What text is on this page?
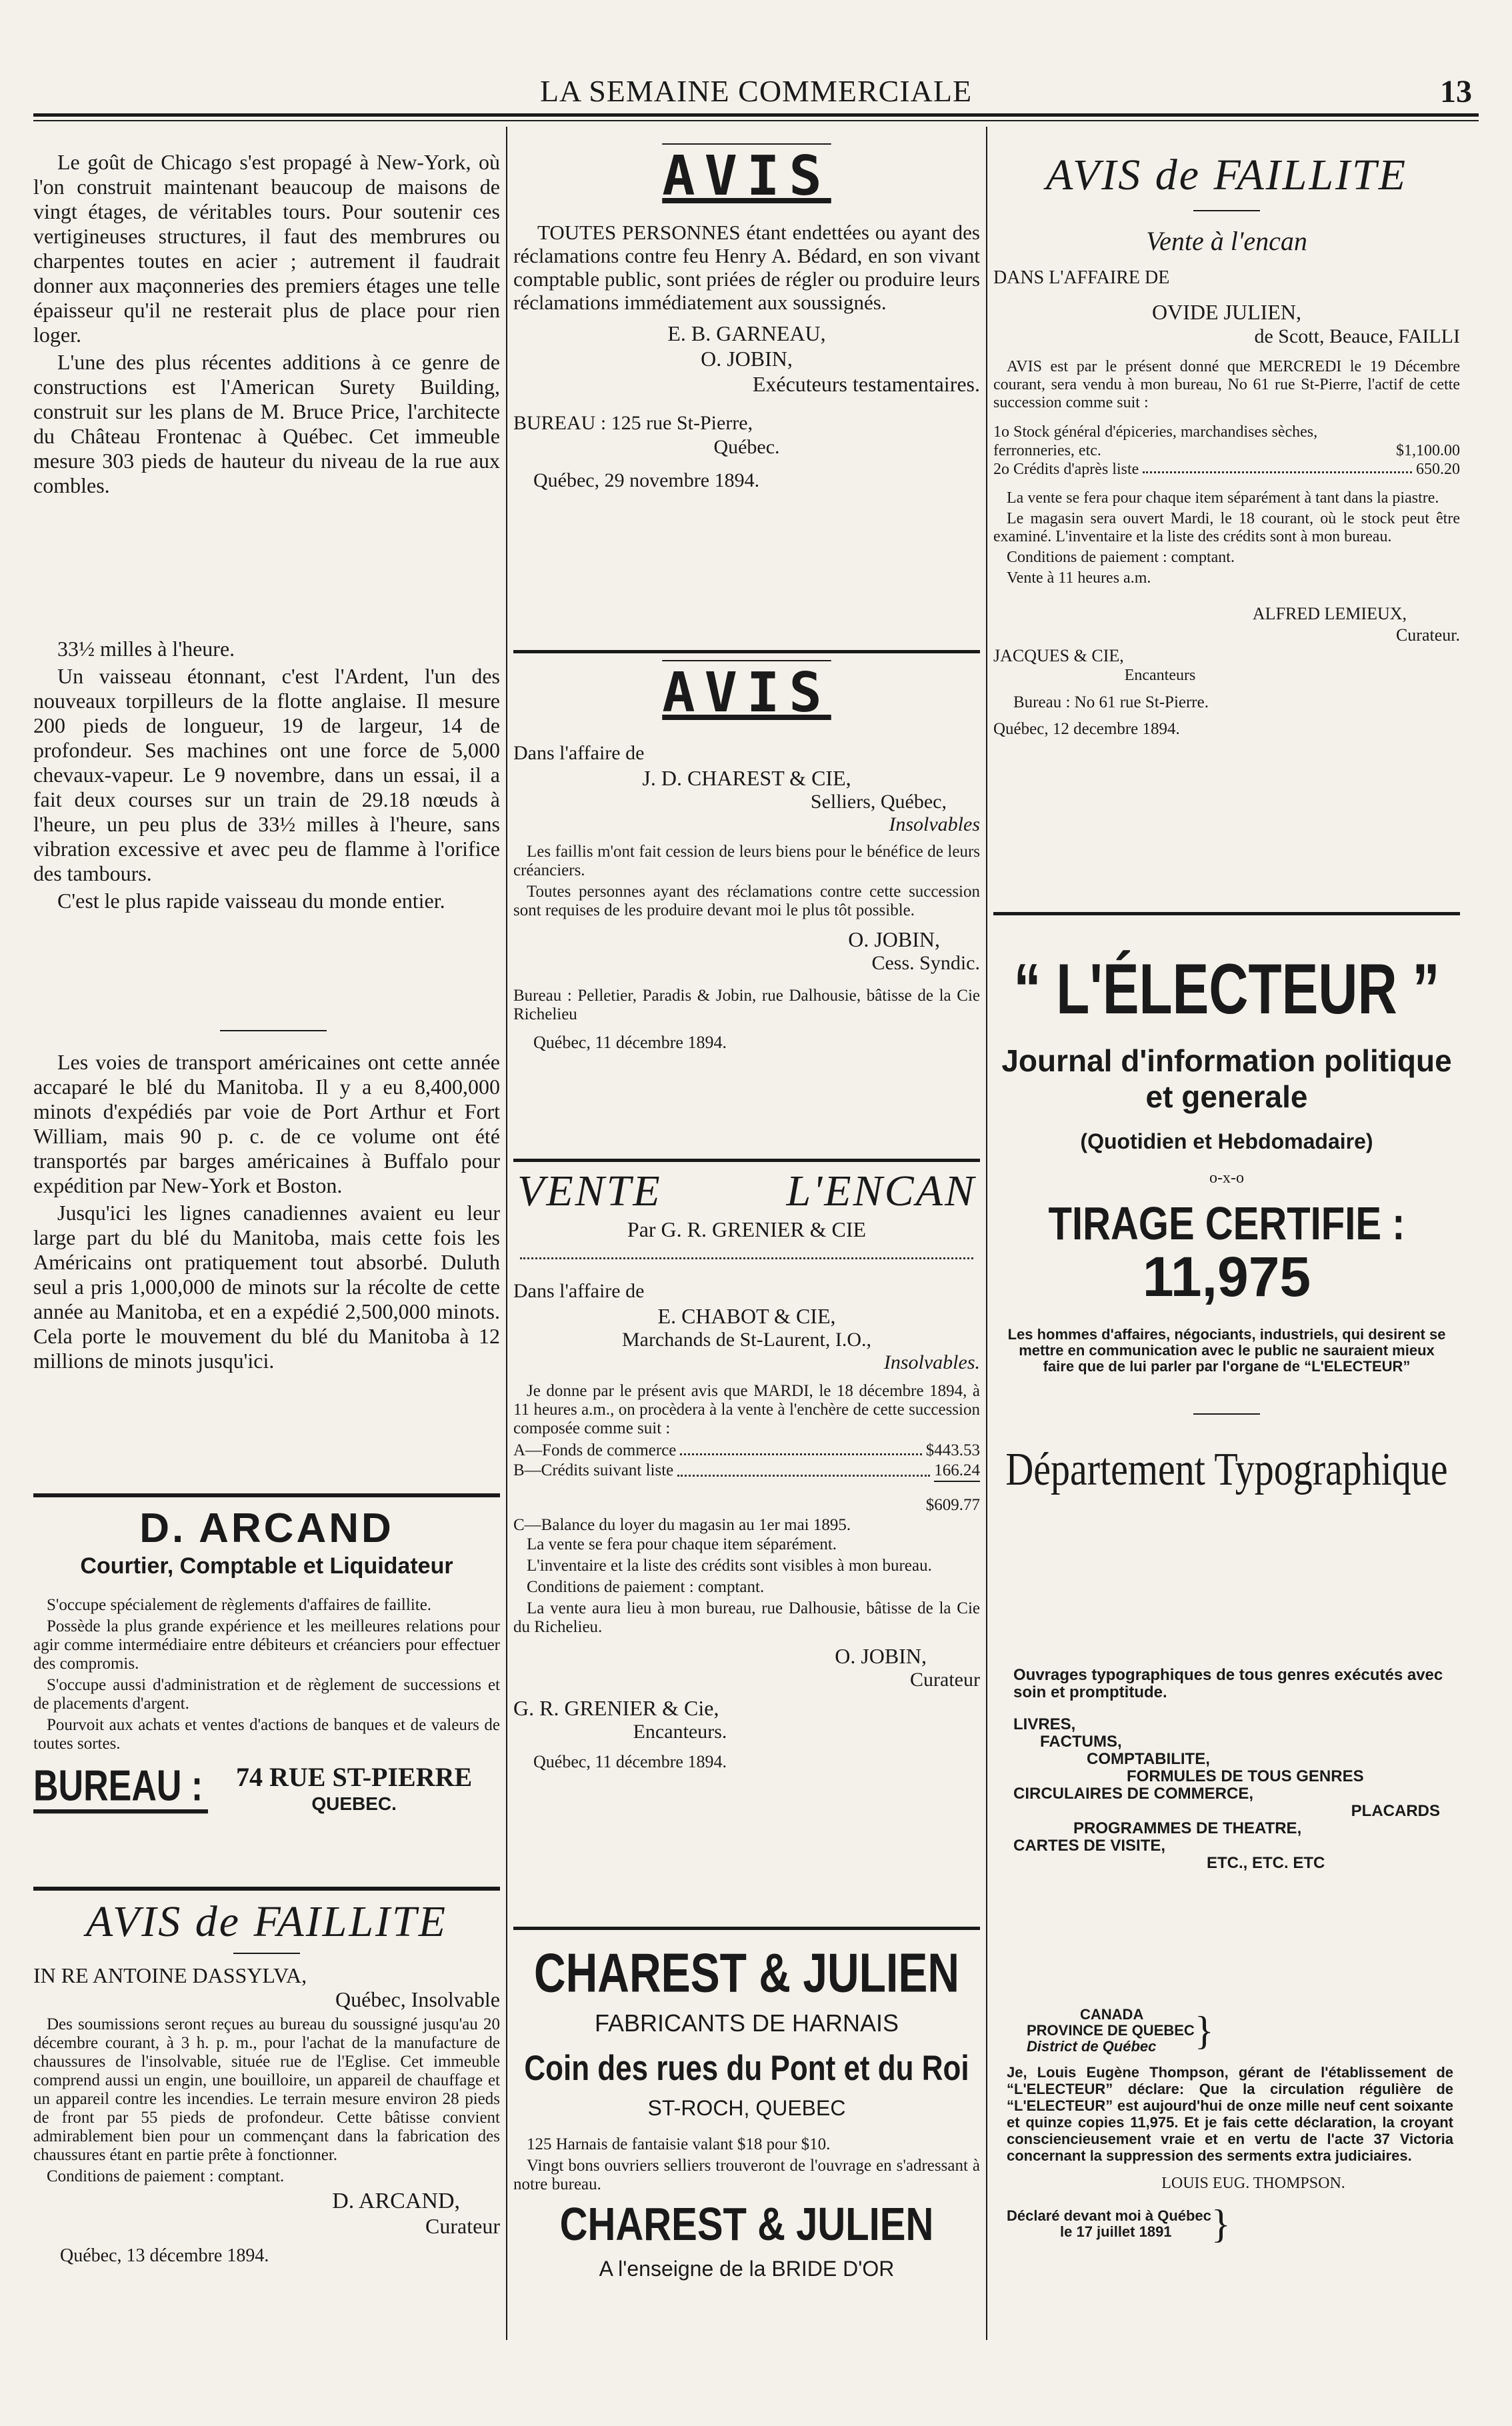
LA SEMAINE COMMERCIALE	13

Le goût de Chicago s'est propagé à New-York, où l'on construit maintenant beaucoup de maisons de vingt étages, de véritables tours. Pour soutenir ces vertigineuses structures, il faut des membrures ou charpentes toutes en acier ; autrement il faudrait donner aux maçonneries des premiers étages une telle épaisseur qu'il ne resterait plus de place pour rien loger.

L'une des plus récentes additions à ce genre de constructions est l'American Surety Building, construit sur les plans de M. Bruce Price, l'architecte du Château Frontenac à Québec. Cet immeuble mesure 303 pieds de hauteur du niveau de la rue aux combles.

33½ milles à l'heure.

Un vaisseau étonnant, c'est l'Ardent, l'un des nouveaux torpilleurs de la flotte anglaise. Il mesure 200 pieds de longueur, 19 de largeur, 14 de profondeur. Ses machines ont une force de 5,000 chevaux-vapeur. Le 9 novembre, dans un essai, il a fait deux courses sur un train de 29.18 nœuds à l'heure, un peu plus de 33½ milles à l'heure, sans vibration excessive et avec peu de flamme à l'orifice des tambours.

C'est le plus rapide vaisseau du monde entier.

Les voies de transport américaines ont cette année accaparé le blé du Manitoba. Il y a eu 8,400,000 minots d'expédiés par voie de Port Arthur et Fort William, mais 90 p. c. de ce volume ont été transportés par barges américaines à Buffalo pour expédition par New-York et Boston.

Jusqu'ici les lignes canadiennes avaient eu leur large part du blé du Manitoba, mais cette fois les Américains ont pratiquement tout absorbé. Duluth seul a pris 1,000,000 de minots sur la récolte de cette année au Manitoba, et en a expédié 2,500,000 minots. Cela porte le mouvement du blé du Manitoba à 12 millions de minots jusqu'ici.

D. ARCAND
Courtier, Comptable et Liquidateur

S'occupe spécialement de règlements d'affaires de faillite.

Possède la plus grande expérience et les meilleures relations pour agir comme intermédiaire entre débiteurs et créanciers pour effectuer des compromis.

S'occupe aussi d'administration et de règlement de successions et de placements d'argent.

Pourvoit aux achats et ventes d'actions de banques et de valeurs de toutes sortes.

BUREAU :	74 RUE ST-PIERRE
QUEBEC.
AVIS de FAILLITE
IN RE ANTOINE DASSYLVA,
Québec, Insolvable

Des soumissions seront reçues au bureau du soussigné jusqu'au 20 décembre courant, à 3 h. p. m., pour l'achat de la manufacture de chaussures de l'insolvable, située rue de l'Eglise. Cet immeuble comprend aussi un engin, une bouilloire, un appareil de chauffage et un appareil contre les incendies. Le terrain mesure environ 28 pieds de front par 55 pieds de profondeur. Cette bâtisse convient admirablement bien pour un commençant dans la fabrication des chaussures étant en partie prête à fonctionner.

Conditions de paiement : comptant.

D. ARCAND,
Curateur
Québec, 13 décembre 1894.
AVIS

TOUTES PERSONNES étant endettées ou ayant des réclamations contre feu Henry A. Bédard, en son vivant comptable public, sont priées de régler ou produire leurs réclamations immédiatement aux soussignés.

E. B. GARNEAU,
O. JOBIN,
Exécuteurs testamentaires.
BUREAU : 125 rue St-Pierre,
Québec.
Québec, 29 novembre 1894.
AVIS
Dans l'affaire de
J. D. CHAREST & CIE,
Selliers, Québec,
Insolvables

Les faillis m'ont fait cession de leurs biens pour le bénéfice de leurs créanciers.

Toutes personnes ayant des réclamations contre cette succession sont requises de les produire devant moi le plus tôt possible.

O. JOBIN,
Cess. Syndic.
Bureau : Pelletier, Paradis & Jobin, rue Dalhousie, bâtisse de la Cie Richelieu
Québec, 11 décembre 1894.
VENTE	L'ENCAN
Par G. R. GRENIER & CIE
Dans l'affaire de
E. CHABOT & CIE,
Marchands de St-Laurent, I.O.,
Insolvables.

Je donne par le présent avis que MARDI, le 18 décembre 1894, à 11 heures a.m., on procèdera à la vente à l'enchère de cette succession composée comme suit :

A—Fonds de commerce	$443.53
B—Crédits suivant liste	166.24
$609.77
C—Balance du loyer du magasin au 1er mai 1895.

La vente se fera pour chaque item séparément.

L'inventaire et la liste des crédits sont visibles à mon bureau.

Conditions de paiement : comptant.

La vente aura lieu à mon bureau, rue Dalhousie, bâtisse de la Cie du Richelieu.

O. JOBIN,
Curateur
G. R. GRENIER & Cie,
Encanteurs.
Québec, 11 décembre 1894.
CHAREST & JULIEN
FABRICANTS DE HARNAIS
Coin des rues du Pont et du Roi
ST-ROCH, QUEBEC

125 Harnais de fantaisie valant $18 pour $10.

Vingt bons ouvriers selliers trouveront de l'ouvrage en s'adressant à notre bureau.

CHAREST & JULIEN
A l'enseigne de la BRIDE D'OR
AVIS de FAILLITE
Vente à l'encan
DANS L'AFFAIRE DE
OVIDE JULIEN,
de Scott, Beauce, FAILLI

AVIS est par le présent donné que MERCREDI le 19 Décembre courant, sera vendu à mon bureau, No 61 rue St-Pierre, l'actif de cette succession comme suit :

1o Stock général d'épiceries, marchandises sèches, ferronneries, etc.	$1,100.00
2o Crédits d'après liste	650.20

La vente se fera pour chaque item séparément à tant dans la piastre.

Le magasin sera ouvert Mardi, le 18 courant, où le stock peut être examiné. L'inventaire et la liste des crédits sont à mon bureau.

Conditions de paiement : comptant.

Vente à 11 heures a.m.

ALFRED LEMIEUX,
Curateur.
JACQUES & CIE,
Encanteurs
Bureau : No 61 rue St-Pierre.
Québec, 12 decembre 1894.
“ L'ÉLECTEUR ”
Journal d'information politique et generale
(Quotidien et Hebdomadaire)
o-x-o
TIRAGE CERTIFIE :
11,975
Les hommes d'affaires, négociants, industriels, qui desirent se mettre en communication avec le public ne sauraient mieux faire que de lui parler par l'organe de “L'ELECTEUR”
Département Typographique
Ouvrages typographiques de tous genres exécutés avec soin et promptitude.
LIVRES,
FACTUMS,
COMPTABILITE,
FORMULES DE TOUS GENRES
CIRCULAIRES DE COMMERCE,
PLACARDS
PROGRAMMES DE THEATRE,
CARTES DE VISITE,
ETC., ETC. ETC
CANADA
PROVINCE DE QUEBEC
District de Québec }
Je, Louis Eugène Thompson, gérant de l'établissement de “L'ELECTEUR” déclare: Que la circulation régulière de “L'ELECTEUR” est aujourd'hui de onze mille neuf cent soixante et quinze copies 11,975. Et je fais cette déclaration, la croyant consciencieusement vraie et en vertu de l'acte 37 Victoria concernant la suppression des serments extra judiciaires.
LOUIS EUG. THOMPSON.
Déclaré devant moi à Québec
le 17 juillet 1891 }
